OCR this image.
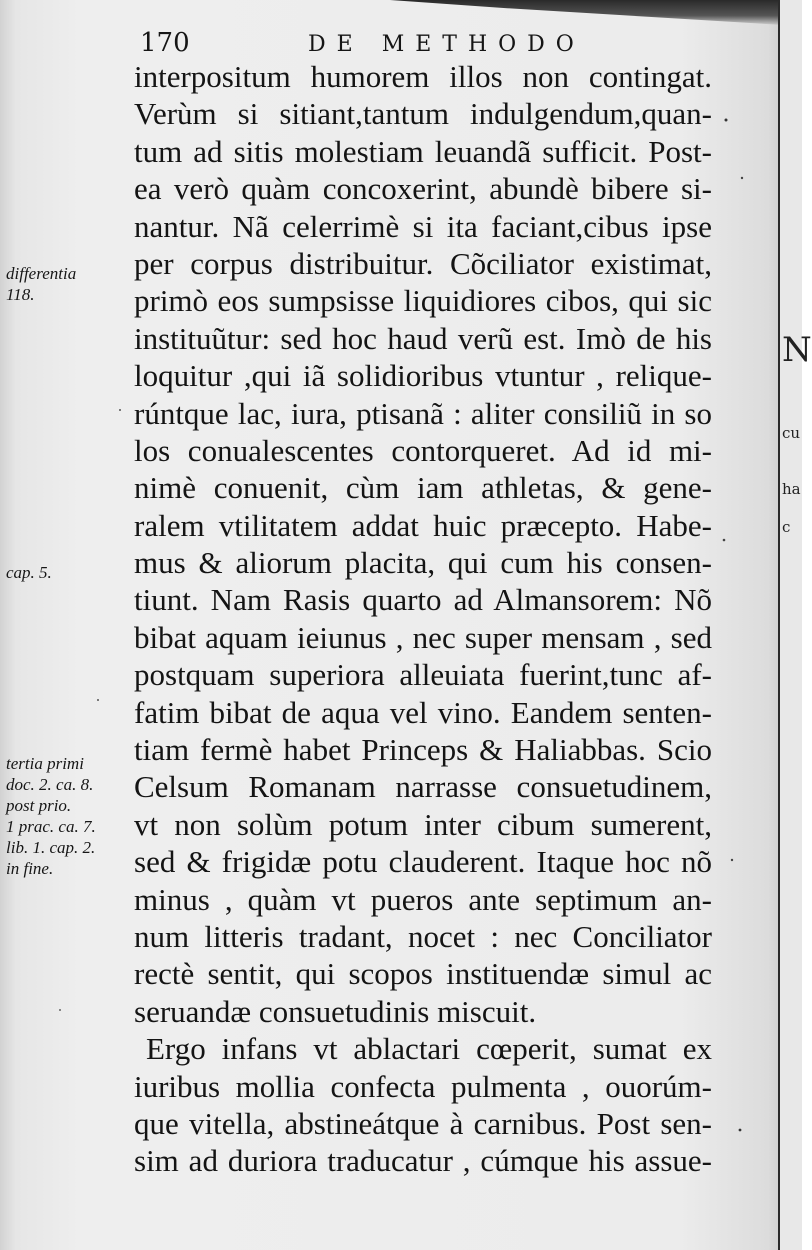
N
cu
ha
c
170	DE METHODO
interpositum humorem illos non contingat.
Verùm si sitiant,tantum indulgendum,quan-
tum ad sitis molestiam leuandã sufficit. Post-
ea verò quàm concoxerint, abundè bibere si-
nantur. Nã celerrimè si ita faciant,cibus ipse
per corpus distribuitur. Cõciliator existimat,
primò eos sumpsisse liquidiores cibos, qui sic
instituũtur: sed hoc haud verũ est. Imò de his
loquitur ,qui iã solidioribus vtuntur , relique-
rúntque lac, iura, ptisanã : aliter consiliũ in so
los conualescentes contorqueret. Ad id mi-
nimè conuenit, cùm iam athletas, & gene-
ralem vtilitatem addat huic præcepto. Habe-
mus & aliorum placita, qui cum his consen-
tiunt. Nam Rasis quarto ad Almansorem: Nõ
bibat aquam ieiunus , nec super mensam , sed
postquam superiora alleuiata fuerint,tunc af-
fatim bibat de aqua vel vino. Eandem senten-
tiam fermè habet Princeps & Haliabbas. Scio
Celsum Romanam narrasse consuetudinem,
vt non solùm potum inter cibum sumerent,
sed & frigidæ potu clauderent. Itaque hoc nõ
minus , quàm vt pueros ante septimum an-
num litteris tradant, nocet : nec Conciliator
rectè sentit, qui scopos instituendæ simul ac
seruandæ consuetudinis miscuit.
Ergo infans vt ablactari cœperit, sumat ex
iuribus mollia confecta pulmenta , ouorúm-
que vitella, abstineátque à carnibus. Post sen-
sim ad duriora traducatur , cúmque his assue-
differentia
118.
cap. 5.
tertia primi
doc. 2. ca. 8.
post prio.
1 prac. ca. 7.
lib. 1. cap. 2.
in fine.
